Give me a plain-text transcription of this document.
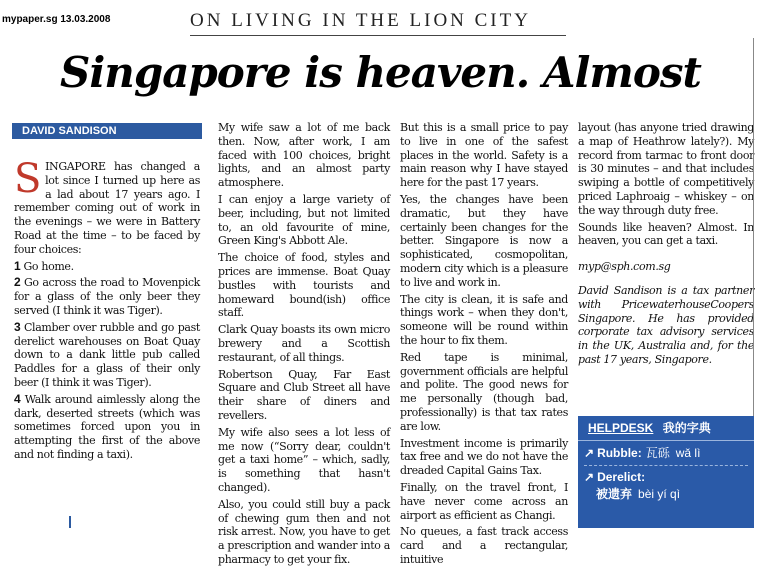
mypaper.sg 13.03.2008	ON LIVING IN THE LION CITY
Singapore is heaven. Almost
DAVID SANDISON

SINGAPORE has changed a lot since I turned up here as a lad about 17 years ago. I remember coming out of work in the evenings – we were in Battery Road at the time – to be faced by four choices:

1 Go home.

2 Go across the road to Movenpick for a glass of the only beer they served (I think it was Tiger).

3 Clamber over rubble and go past derelict warehouses on Boat Quay down to a dank little pub called Paddles for a glass of their only beer (I think it was Tiger).

4 Walk around aimlessly along the dark, deserted streets (which was sometimes forced upon you in attempting the first of the above and not finding a taxi).

My wife saw a lot of me back then. Now, after work, I am faced with 100 choices, bright lights, and an almost party atmosphere.

I can enjoy a large variety of beer, including, but not limited to, an old favourite of mine, Green King's Abbott Ale.

The choice of food, styles and prices are immense. Boat Quay bustles with tourists and homeward bound(ish) office staff.

Clark Quay boasts its own micro brewery and a Scottish restaurant, of all things.

Robertson Quay, Far East Square and Club Street all have their share of diners and revellers.

My wife also sees a lot less of me now (“Sorry dear, couldn't get a taxi home” – which, sadly, is something that hasn't changed).

Also, you could still buy a pack of chewing gum then and not risk arrest. Now, you have to get a prescription and wander into a pharmacy to get your fix.

But this is a small price to pay to live in one of the safest places in the world. Safety is a main reason why I have stayed here for the past 17 years.

Yes, the changes have been dramatic, but they have certainly been changes for the better. Singapore is now a sophisticated, cosmopolitan, modern city which is a pleasure to live and work in.

The city is clean, it is safe and things work – when they don't, someone will be round within the hour to fix them.

Red tape is minimal, government officials are helpful and polite. The good news for me personally (though bad, professionally) is that tax rates are low.

Investment income is primarily tax free and we do not have the dreaded Capital Gains Tax.

Finally, on the travel front, I have never come across an airport as efficient as Changi.

No queues, a fast track access card and a rectangular, intuitive

layout (has anyone tried drawing a map of Heathrow lately?). My record from tarmac to front door is 30 minutes – and that includes swiping a bottle of competitively priced Laphroaig – whiskey – on the way through duty free.

Sounds like heaven? Almost. In heaven, you can get a taxi.

myp@sph.com.sg

David Sandison is a tax partner with PricewaterhouseCoopers Singapore. He has provided corporate tax advisory services in the UK, Australia and, for the past 17 years, Singapore.

HELPDESK 我的字典
↗ Rubble: 瓦砾 wǎ lì
↗ Derelict:
被遗弃 bèi yí qì
